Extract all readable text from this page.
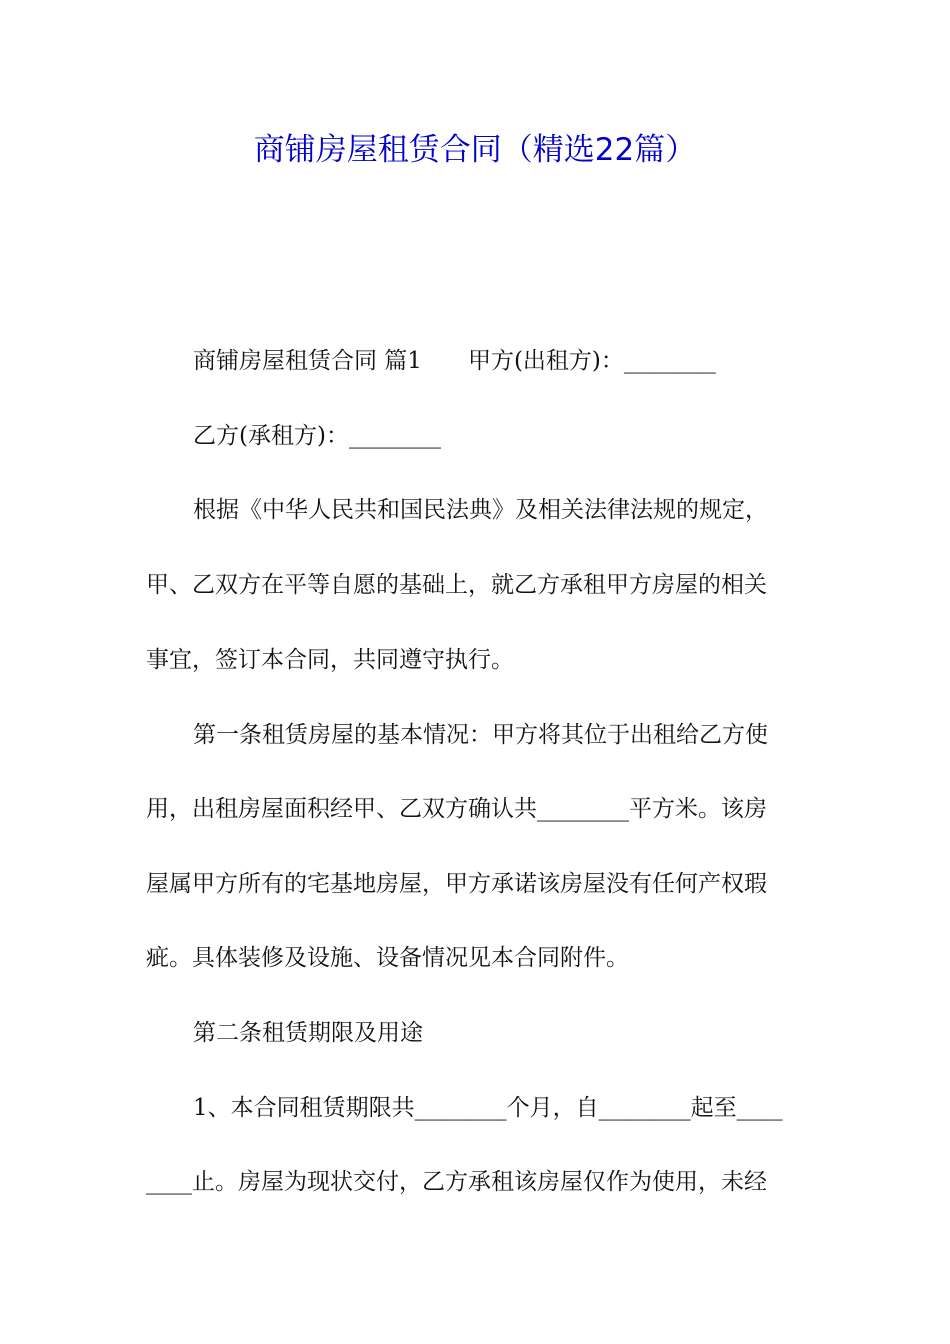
商铺房屋租赁合同（精选22篇）
商铺房屋租赁合同 篇1　　甲方(出租方)：________
乙方(承租方)：________
根据《中华人民共和国民法典》及相关法律法规的规定，
甲、乙双方在平等自愿的基础上，就乙方承租甲方房屋的相关
事宜，签订本合同，共同遵守执行。
第一条租赁房屋的基本情况：甲方将其位于出租给乙方使
用，出租房屋面积经甲、乙双方确认共________平方米。该房
屋属甲方所有的宅基地房屋，甲方承诺该房屋没有任何产权瑕
疵。具体装修及设施、设备情况见本合同附件。
第二条租赁期限及用途
1、本合同租赁期限共________个月，自________起至____
____止。房屋为现状交付，乙方承租该房屋仅作为使用，未经
